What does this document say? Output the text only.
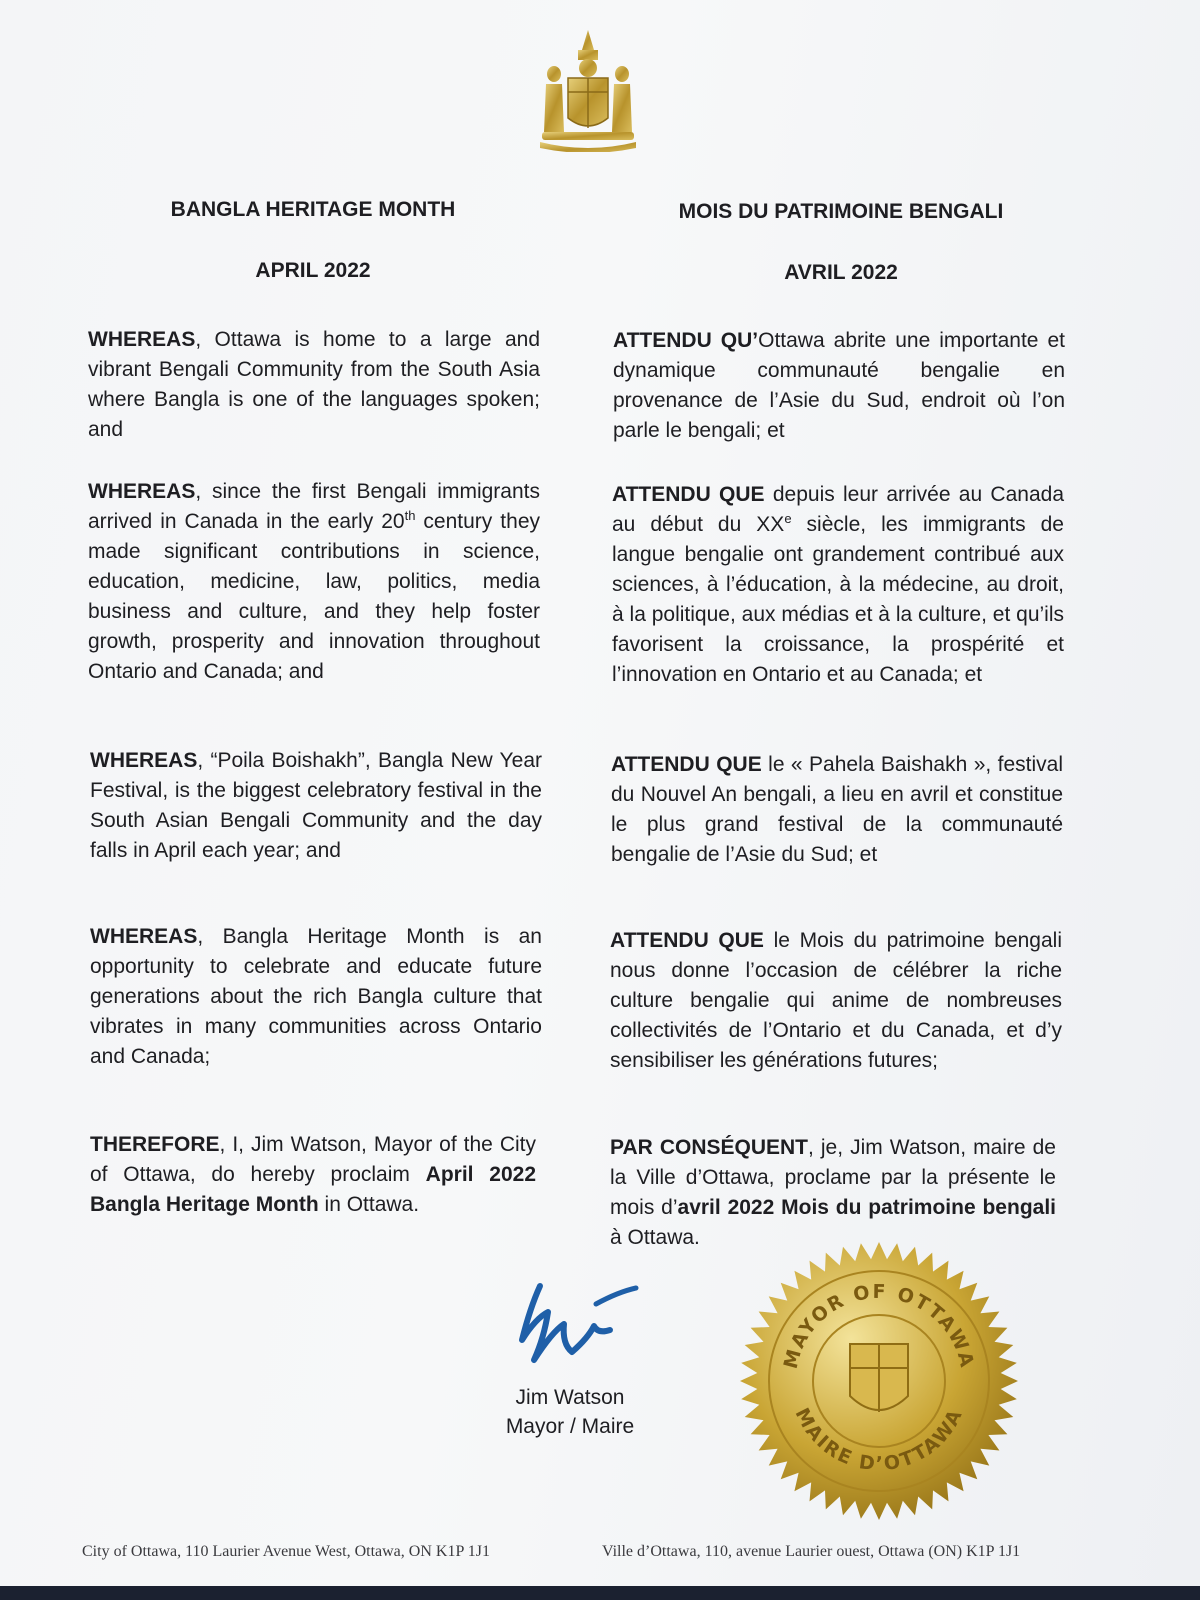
BANGLA HERITAGE MONTH
APRIL 2022
MOIS DU PATRIMOINE BENGALI
AVRIL 2022
WHEREAS, Ottawa is home to a large and vibrant Bengali Community from the South Asia where Bangla is one of the languages spoken; and
WHEREAS, since the first Bengali immigrants arrived in Canada in the early 20th century they made significant contributions in science, education, medicine, law, politics, media business and culture, and they help foster growth, prosperity and innovation throughout Ontario and Canada; and
WHEREAS, “Poila Boishakh”, Bangla New Year Festival, is the biggest celebratory festival in the South Asian Bengali Community and the day falls in April each year; and
WHEREAS, Bangla Heritage Month is an opportunity to celebrate and educate future generations about the rich Bangla culture that vibrates in many communities across Ontario and Canada;
THEREFORE, I, Jim Watson, Mayor of the City of Ottawa, do hereby proclaim April 2022 Bangla Heritage Month in Ottawa.
ATTENDU QU’Ottawa abrite une importante et dynamique communauté bengalie en provenance de l’Asie du Sud, endroit où l’on parle le bengali; et
ATTENDU QUE depuis leur arrivée au Canada au début du XXe siècle, les immigrants de langue bengalie ont grandement contribué aux sciences, à l’éducation, à la médecine, au droit, à la politique, aux médias et à la culture, et qu’ils favorisent la croissance, la prospérité et l’innovation en Ontario et au Canada; et
ATTENDU QUE le « Pahela Baishakh », festival du Nouvel An bengali, a lieu en avril et constitue le plus grand festival de la communauté bengalie de l’Asie du Sud; et
ATTENDU QUE le Mois du patrimoine bengali nous donne l’occasion de célébrer la riche culture bengalie qui anime de nombreuses collectivités de l’Ontario et du Canada, et d’y sensibiliser les générations futures;
PAR CONSÉQUENT, je, Jim Watson, maire de la Ville d’Ottawa, proclame par la présente le mois d’avril 2022 Mois du patrimoine bengali à Ottawa.
Jim Watson
Mayor / Maire
MAYOR OF OTTAWA
MAIRE D’OTTAWA
City of Ottawa, 110 Laurier Avenue West, Ottawa, ON K1P 1J1	Ville d’Ottawa, 110, avenue Laurier ouest, Ottawa (ON) K1P 1J1
